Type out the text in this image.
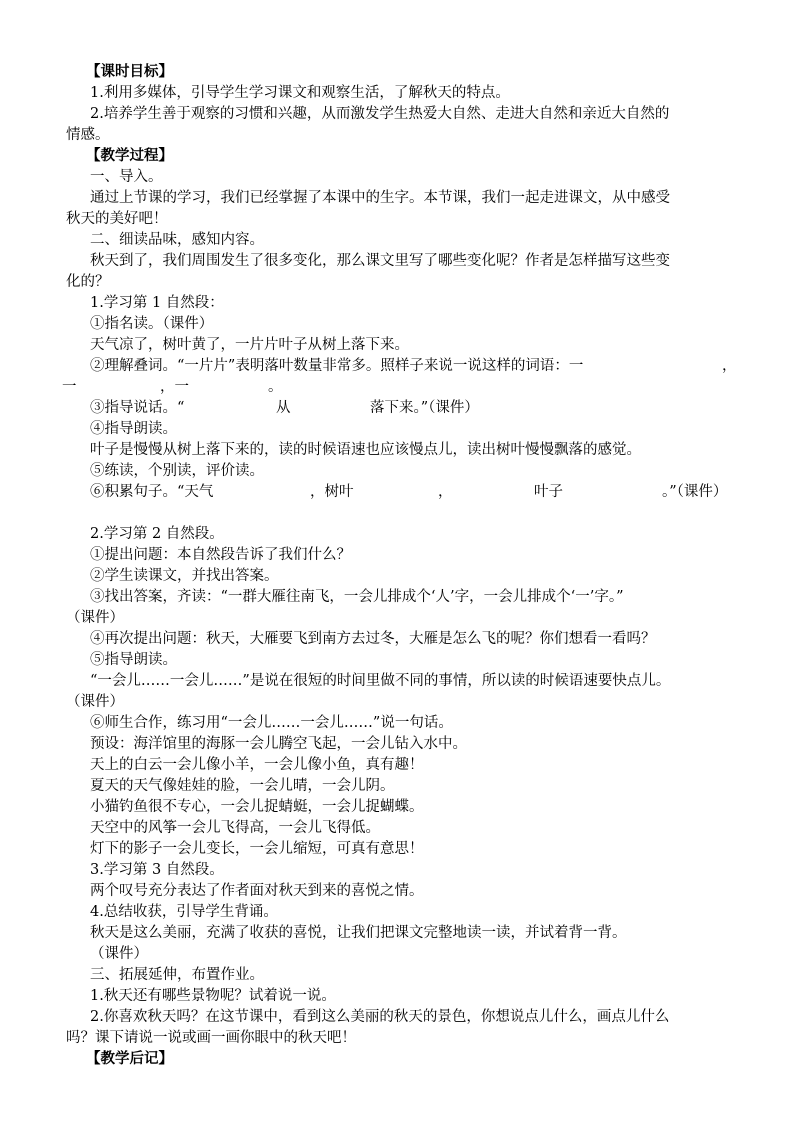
【课时目标】
1.利用多媒体，引导学生学习课文和观察生活，了解秋天的特点。
2.培养学生善于观察的习惯和兴趣，从而激发学生热爱大自然、走进大自然和亲近大自然的
情感。
【教学过程】
一、导入。
通过上节课的学习，我们已经掌握了本课中的生字。本节课，我们一起走进课文，从中感受
秋天的美好吧！
二、细读品味，感知内容。
秋天到了，我们周围发生了很多变化，那么课文里写了哪些变化呢？作者是怎样描写这些变
化的？
1.学习第 1 自然段：
①指名读。（课件）
天气凉了，树叶黄了，一片片叶子从树上落下来。
②理解叠词。“一片片”表明落叶数量非常多。照样子来说一说这样的词语：一	，
一	，一	。
③指导说话。“	从	落下来。”（课件）
④指导朗读。
叶子是慢慢从树上落下来的，读的时候语速也应该慢点儿，读出树叶慢慢飘落的感觉。
⑤练读，个别读，评价读。
⑥积累句子。“天气	，树叶	，	叶子	。”（课件）
2.学习第 2 自然段。
①提出问题：本自然段告诉了我们什么？
②学生读课文，并找出答案。
③找出答案，齐读：“一群大雁往南飞，一会儿排成个‘人’字，一会儿排成个‘一’字。”
（课件）
④再次提出问题：秋天，大雁要飞到南方去过冬，大雁是怎么飞的呢？你们想看一看吗？
⑤指导朗读。
“一会儿……一会儿……”是说在很短的时间里做不同的事情，所以读的时候语速要快点儿。
（课件）
⑥师生合作，练习用“一会儿……一会儿……”说一句话。
预设：海洋馆里的海豚一会儿腾空飞起，一会儿钻入水中。
天上的白云一会儿像小羊，一会儿像小鱼，真有趣！
夏天的天气像娃娃的脸，一会儿晴，一会儿阴。
小猫钓鱼很不专心，一会儿捉蜻蜓，一会儿捉蝴蝶。
天空中的风筝一会儿飞得高，一会儿飞得低。
灯下的影子一会儿变长，一会儿缩短，可真有意思！
3.学习第 3 自然段。
两个叹号充分表达了作者面对秋天到来的喜悦之情。
4.总结收获，引导学生背诵。
秋天是这么美丽，充满了收获的喜悦，让我们把课文完整地读一读，并试着背一背。
（课件）
三、拓展延伸，布置作业。
1.秋天还有哪些景物呢？试着说一说。
2.你喜欢秋天吗？在这节课中，看到这么美丽的秋天的景色，你想说点儿什么，画点儿什么
吗？课下请说一说或画一画你眼中的秋天吧！
【教学后记】
